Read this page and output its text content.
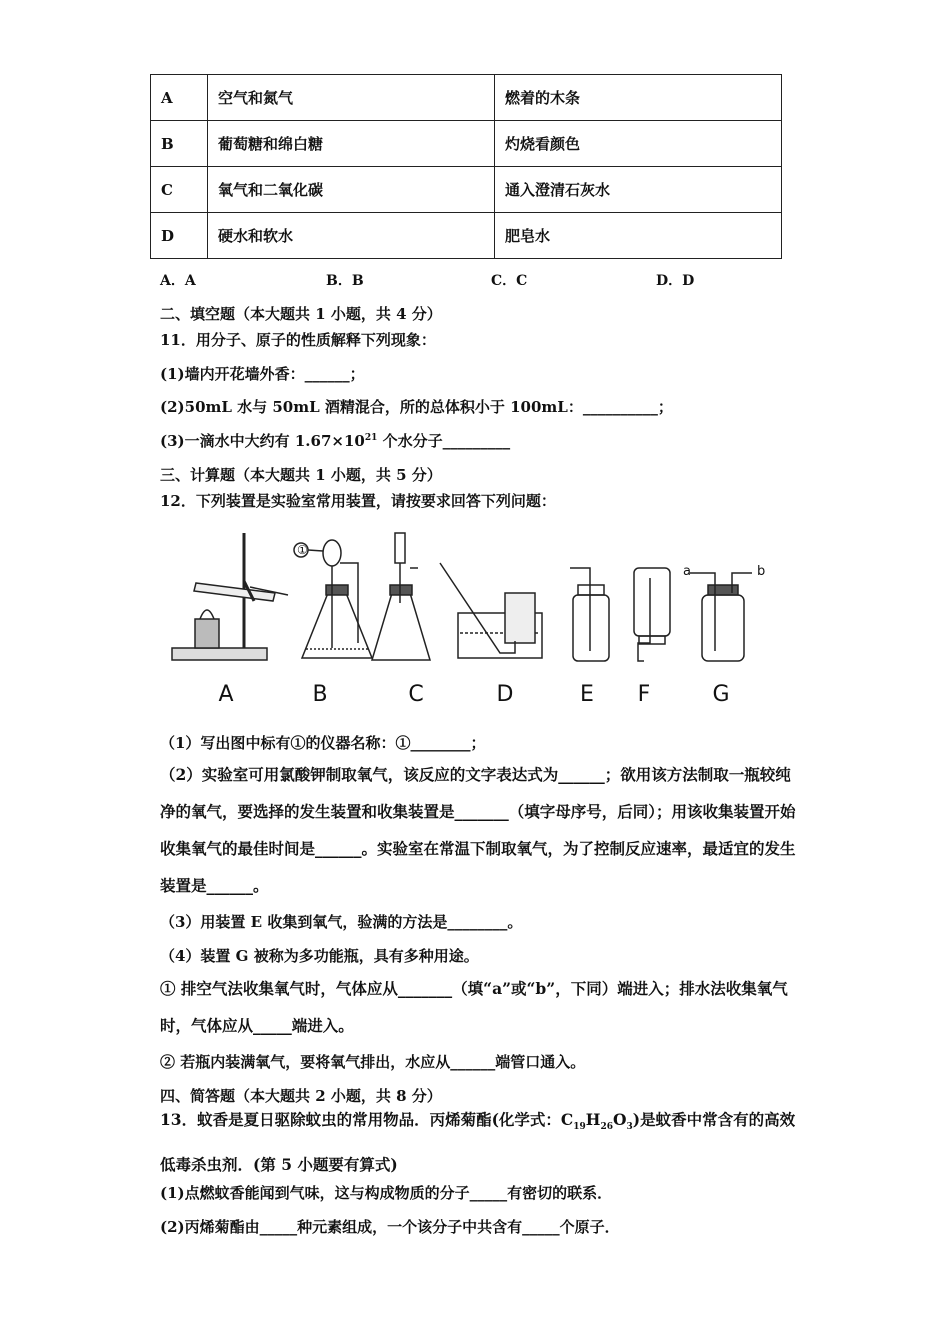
A	空气和氮气	燃着的木条
B	葡萄糖和绵白糖	灼烧看颜色
C	氧气和二氧化碳	通入澄清石灰水
D	硬水和软水	肥皂水
A．A	B．B	C．C	D．D
二、填空题（本大题共 1 小题，共 4 分）
11．用分子、原子的性质解释下列现象：
(1)墙内开花墙外香：______；
(2)50mL 水与 50mL 酒精混合，所的总体积小于 100mL：__________；
(3)一滴水中大约有 $1.67\times 10^{21}$ 个水分子_________
三、计算题（本大题共 1 小题，共 5 分）
12．下列装置是实验室常用装置，请按要求回答下列问题：
①
a	b
A	B	C	D	E F	G
（1）写出图中标有①的仪器名称：①________；
（2）实验室可用氯酸钾制取氧气，该反应的文字表达式为______；欲用该方法制取一瓶较纯净的氧气，要选择的发生装置和收集装置是_______（填字母序号，后同）；用该收集装置开始收集氧气的最佳时间是______。实验室在常温下制取氧气，为了控制反应速率，最适宜的发生装置是______。
（3）用装置 E 收集到氧气，验满的方法是________。
（4）装置 G 被称为多功能瓶，具有多种用途。
① 排空气法收集氧气时，气体应从_______（填“a”或“b”，下同）端进入；排水法收集氧气时，气体应从_____端进入。
② 若瓶内装满氧气，要将氧气排出，水应从______端管口通入。
四、简答题（本大题共 2 小题，共 8 分）
13．蚊香是夏日驱除蚊虫的常用物品．丙烯菊酯(化学式：$C_{19}H_{26}O_3$)是蚊香中常含有的高效低毒杀虫剂．(第 5 小题要有算式)
(1)点燃蚊香能闻到气味，这与构成物质的分子_____有密切的联系．
(2)丙烯菊酯由_____种元素组成，一个该分子中共含有_____个原子．
